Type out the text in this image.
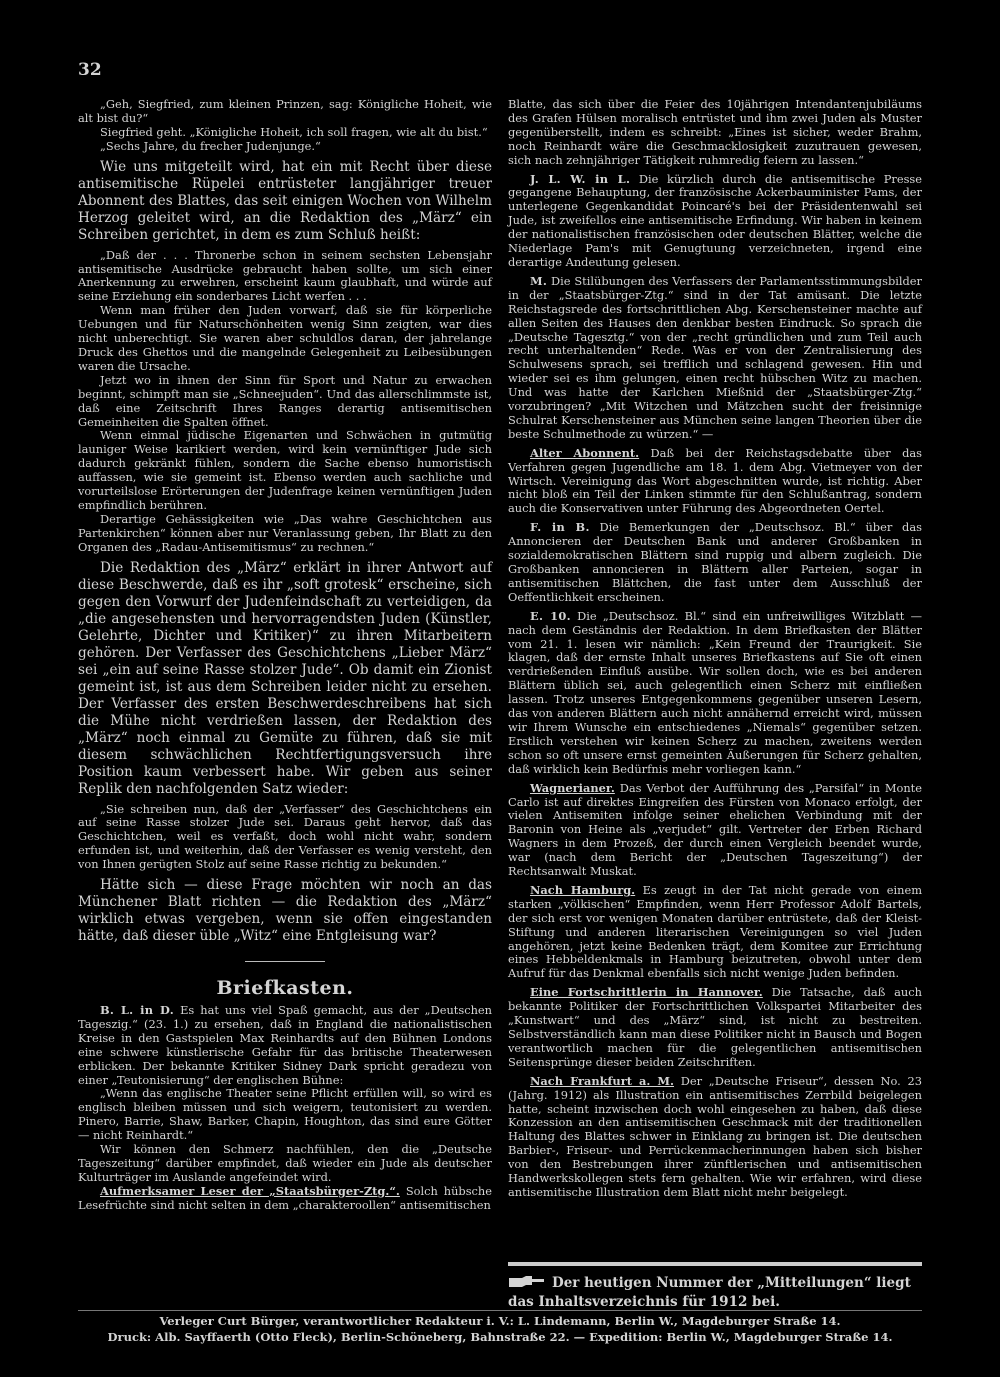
32

„Geh, Siegfried, zum kleinen Prinzen, sag: Königliche Hoheit, wie alt bist du?“

Siegfried geht. „Königliche Hoheit, ich soll fragen, wie alt du bist.“

„Sechs Jahre, du frecher Judenjunge.“

Wie uns mitgeteilt wird, hat ein mit Recht über diese antisemitische Rüpelei entrüsteter langjähriger treuer Abonnent des Blattes, das seit einigen Wochen von Wilhelm Herzog geleitet wird, an die Redaktion des „März“ ein Schreiben gerichtet, in dem es zum Schluß heißt:

„Daß der . . . Thronerbe schon in seinem sechsten Lebensjahr antisemitische Ausdrücke gebraucht haben sollte, um sich einer Anerkennung zu erwehren, erscheint kaum glaubhaft, und würde auf seine Erziehung ein sonderbares Licht werfen . . .

Wenn man früher den Juden vorwarf, daß sie für körperliche Uebungen und für Naturschönheiten wenig Sinn zeigten, war dies nicht unberechtigt. Sie waren aber schuldlos daran, der jahrelange Druck des Ghettos und die mangelnde Gelegenheit zu Leibesübungen waren die Ursache.

Jetzt wo in ihnen der Sinn für Sport und Natur zu erwachen beginnt, schimpft man sie „Schneejuden“. Und das allerschlimmste ist, daß eine Zeitschrift Ihres Ranges derartig antisemitischen Gemeinheiten die Spalten öffnet.

Wenn einmal jüdische Eigenarten und Schwächen in gutmütig launiger Weise karikiert werden, wird kein vernünftiger Jude sich dadurch gekränkt fühlen, sondern die Sache ebenso humoristisch auffassen, wie sie gemeint ist. Ebenso werden auch sachliche und vorurteilslose Erörterungen der Judenfrage keinen vernünftigen Juden empfindlich berühren.

Derartige Gehässigkeiten wie „Das wahre Geschichtchen aus Partenkirchen“ können aber nur Veranlassung geben, Ihr Blatt zu den Organen des „Radau-Antisemitismus“ zu rechnen.“

Die Redaktion des „März“ erklärt in ihrer Antwort auf diese Beschwerde, daß es ihr „soft grotesk“ erscheine, sich gegen den Vorwurf der Judenfeindschaft zu verteidigen, da „die angesehensten und hervorragendsten Juden (Künstler, Gelehrte, Dichter und Kritiker)“ zu ihren Mitarbeitern gehören. Der Verfasser des Geschichtchens „Lieber März“ sei „ein auf seine Rasse stolzer Jude“. Ob damit ein Zionist gemeint ist, ist aus dem Schreiben leider nicht zu ersehen. Der Verfasser des ersten Beschwerdeschreibens hat sich die Mühe nicht verdrießen lassen, der Redaktion des „März“ noch einmal zu Gemüte zu führen, daß sie mit diesem schwächlichen Rechtfertigungsversuch ihre Position kaum verbessert habe. Wir geben aus seiner Replik den nachfolgenden Satz wieder:

„Sie schreiben nun, daß der „Verfasser“ des Geschichtchens ein auf seine Rasse stolzer Jude sei. Daraus geht hervor, daß das Geschichtchen, weil es verfaßt, doch wohl nicht wahr, sondern erfunden ist, und weiterhin, daß der Verfasser es wenig versteht, den von Ihnen gerügten Stolz auf seine Rasse richtig zu bekunden.“

Hätte sich — diese Frage möchten wir noch an das Münchener Blatt richten — die Redaktion des „März“ wirklich etwas vergeben, wenn sie offen eingestanden hätte, daß dieser üble „Witz“ eine Entgleisung war?

Briefkasten.

B. L. in D. Es hat uns viel Spaß gemacht, aus der „Deutschen Tageszig.“ (23. 1.) zu ersehen, daß in England die nationalistischen Kreise in den Gastspielen Max Reinhardts auf den Bühnen Londons eine schwere künstlerische Gefahr für das britische Theaterwesen erblicken. Der bekannte Kritiker Sidney Dark spricht geradezu von einer „Teutonisierung“ der englischen Bühne:

„Wenn das englische Theater seine Pflicht erfüllen will, so wird es englisch bleiben müssen und sich weigern, teutonisiert zu werden. Pinero, Barrie, Shaw, Barker, Chapin, Houghton, das sind eure Götter — nicht Reinhardt.“

Wir können den Schmerz nachfühlen, den die „Deutsche Tageszeitung“ darüber empfindet, daß wieder ein Jude als deutscher Kulturträger im Auslande angefeindet wird.

Aufmerksamer Leser der „Staatsbürger-Ztg.“. Solch hübsche Lesefrüchte sind nicht selten in dem „charakteroollen“ antisemitischen

Blatte, das sich über die Feier des 10jährigen Intendantenjubiläums des Grafen Hülsen moralisch entrüstet und ihm zwei Juden als Muster gegenüberstellt, indem es schreibt: „Eines ist sicher, weder Brahm, noch Reinhardt wäre die Geschmacklosigkeit zuzutrauen gewesen, sich nach zehnjähriger Tätigkeit ruhmredig feiern zu lassen.“

J. L. W. in L. Die kürzlich durch die antisemitische Presse gegangene Behauptung, der französische Ackerbauminister Pams, der unterlegene Gegenkandidat Poincaré's bei der Präsidentenwahl sei Jude, ist zweifellos eine antisemitische Erfindung. Wir haben in keinem der nationalistischen französischen oder deutschen Blätter, welche die Niederlage Pam's mit Genugtuung verzeichneten, irgend eine derartige Andeutung gelesen.

M. Die Stilübungen des Verfassers der Parlamentsstimmungsbilder in der „Staatsbürger-Ztg.“ sind in der Tat amüsant. Die letzte Reichstagsrede des fortschrittlichen Abg. Kerschensteiner machte auf allen Seiten des Hauses den denkbar besten Eindruck. So sprach die „Deutsche Tagesztg.“ von der „recht gründlichen und zum Teil auch recht unterhaltenden“ Rede. Was er von der Zentralisierung des Schulwesens sprach, sei trefflich und schlagend gewesen. Hin und wieder sei es ihm gelungen, einen recht hübschen Witz zu machen. Und was hatte der Karlchen Mießnid der „Staatsbürger-Ztg.“ vorzubringen? „Mit Witzchen und Mätzchen sucht der freisinnige Schulrat Kerschensteiner aus München seine langen Theorien über die beste Schulmethode zu würzen.“ —

Alter Abonnent. Daß bei der Reichstagsdebatte über das Verfahren gegen Jugendliche am 18. 1. dem Abg. Vietmeyer von der Wirtsch. Vereinigung das Wort abgeschnitten wurde, ist richtig. Aber nicht bloß ein Teil der Linken stimmte für den Schlußantrag, sondern auch die Konservativen unter Führung des Abgeordneten Oertel.

F. in B. Die Bemerkungen der „Deutschsoz. Bl.“ über das Annoncieren der Deutschen Bank und anderer Großbanken in sozialdemokratischen Blättern sind ruppig und albern zugleich. Die Großbanken annoncieren in Blättern aller Parteien, sogar in antisemitischen Blättchen, die fast unter dem Ausschluß der Oeffentlichkeit erscheinen.

E. 10. Die „Deutschsoz. Bl.“ sind ein unfreiwilliges Witzblatt — nach dem Geständnis der Redaktion. In dem Briefkasten der Blätter vom 21. 1. lesen wir nämlich: „Kein Freund der Traurigkeit. Sie klagen, daß der ernste Inhalt unseres Briefkastens auf Sie oft einen verdrießenden Einfluß ausübe. Wir sollen doch, wie es bei anderen Blättern üblich sei, auch gelegentlich einen Scherz mit einfließen lassen. Trotz unseres Entgegenkommens gegenüber unseren Lesern, das von anderen Blättern auch nicht annähernd erreicht wird, müssen wir Ihrem Wunsche ein entschiedenes „Niemals“ gegenüber setzen. Erstlich verstehen wir keinen Scherz zu machen, zweitens werden schon so oft unsere ernst gemeinten Äußerungen für Scherz gehalten, daß wirklich kein Bedürfnis mehr vorliegen kann.“

Wagnerianer. Das Verbot der Aufführung des „Parsifal“ in Monte Carlo ist auf direktes Eingreifen des Fürsten von Monaco erfolgt, der vielen Antisemiten infolge seiner ehelichen Verbindung mit der Baronin von Heine als „verjudet“ gilt. Vertreter der Erben Richard Wagners in dem Prozeß, der durch einen Vergleich beendet wurde, war (nach dem Bericht der „Deutschen Tageszeitung“) der Rechtsanwalt Muskat.

Nach Hamburg. Es zeugt in der Tat nicht gerade von einem starken „völkischen“ Empfinden, wenn Herr Professor Adolf Bartels, der sich erst vor wenigen Monaten darüber entrüstete, daß der Kleist-Stiftung und anderen literarischen Vereinigungen so viel Juden angehören, jetzt keine Bedenken trägt, dem Komitee zur Errichtung eines Hebbeldenkmals in Hamburg beizutreten, obwohl unter dem Aufruf für das Denkmal ebenfalls sich nicht wenige Juden befinden.

Eine Fortschrittlerin in Hannover. Die Tatsache, daß auch bekannte Politiker der Fortschrittlichen Volkspartei Mitarbeiter des „Kunstwart“ und des „März“ sind, ist nicht zu bestreiten. Selbstverständlich kann man diese Politiker nicht in Bausch und Bogen verantwortlich machen für die gelegentlichen antisemitischen Seitensprünge dieser beiden Zeitschriften.

Nach Frankfurt a. M. Der „Deutsche Friseur“, dessen No. 23 (Jahrg. 1912) als Illustration ein antisemitisches Zerrbild beigelegen hatte, scheint inzwischen doch wohl eingesehen zu haben, daß diese Konzession an den antisemitischen Geschmack mit der traditionellen Haltung des Blattes schwer in Einklang zu bringen ist. Die deutschen Barbier-, Friseur- und Perrückenmacherinnungen haben sich bisher von den Bestrebungen ihrer zünftlerischen und antisemitischen Handwerkskollegen stets fern gehalten. Wie wir erfahren, wird diese antisemitische Illustration dem Blatt nicht mehr beigelegt.

Der heutigen Nummer der „Mitteilungen“ liegt das Inhaltsverzeichnis für 1912 bei.
Verleger Curt Bürger, verantwortlicher Redakteur i. V.: L. Lindemann, Berlin W., Magdeburger Straße 14.
Druck: Alb. Sayffaerth (Otto Fleck), Berlin-Schöneberg, Bahnstraße 22. — Expedition: Berlin W., Magdeburger Straße 14.
